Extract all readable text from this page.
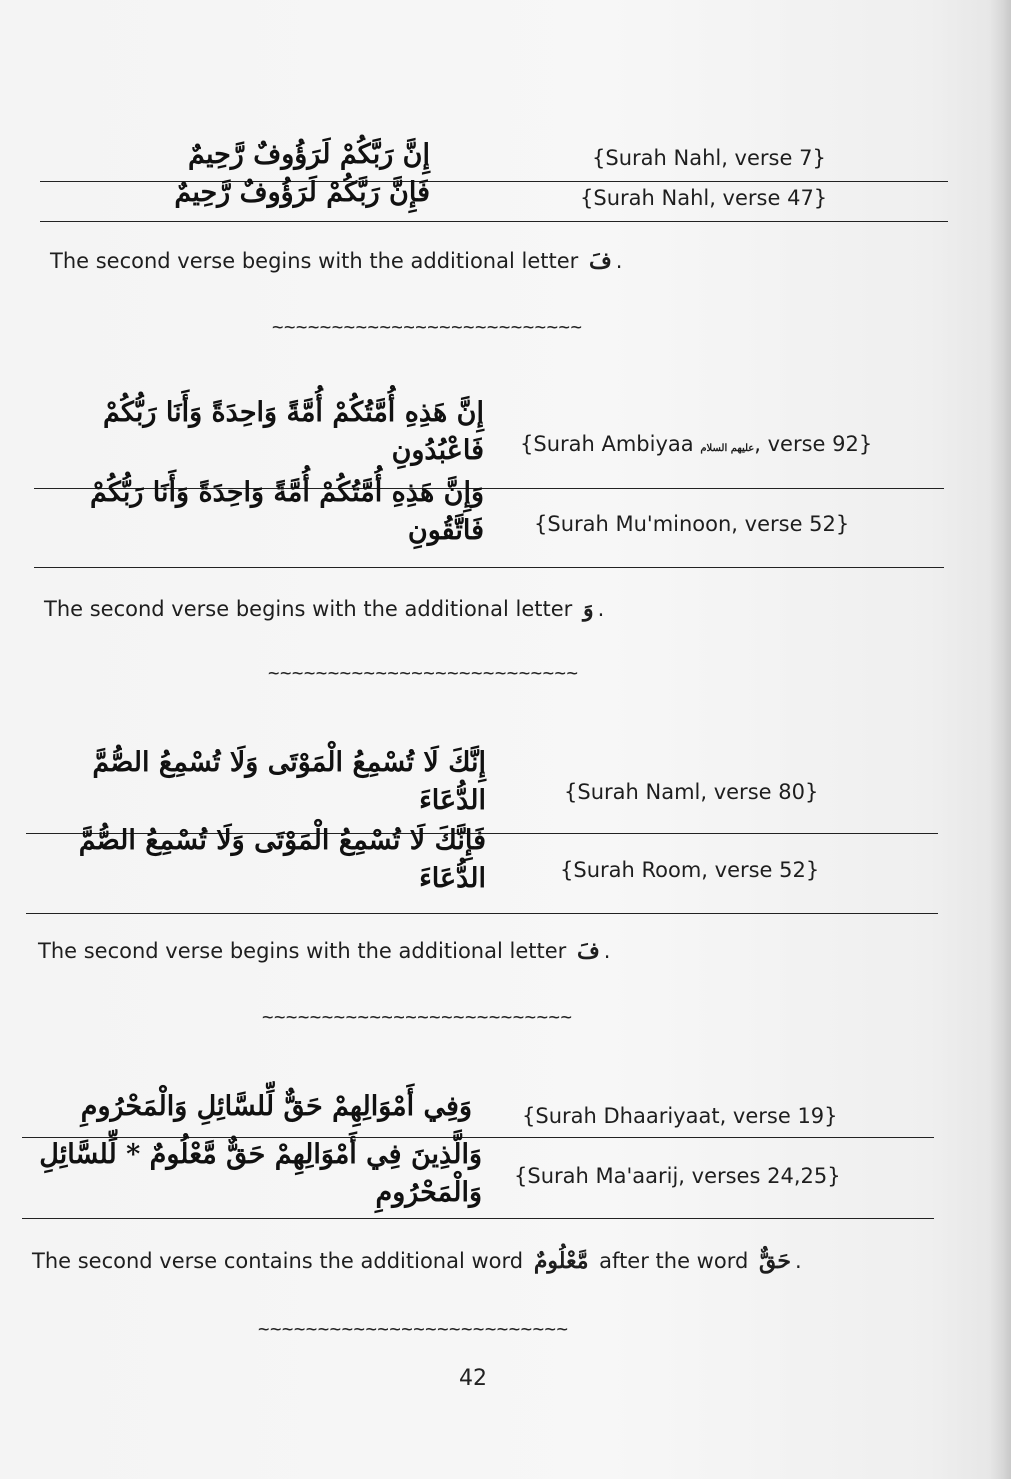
إِنَّ رَبَّكُمْ لَرَؤُوفٌ رَّحِيمٌ	{Surah Nahl, verse 7}
فَإِنَّ رَبَّكُمْ لَرَؤُوفٌ رَّحِيمٌ	{Surah Nahl, verse 47}
The second verse begins with the additional letter فَ .
~~~~~~~~~~~~~~~~~~~~~~~~~~
إِنَّ هَذِهِ أُمَّتُكُمْ أُمَّةً وَاحِدَةً وَأَنَا رَبُّكُمْ فَاعْبُدُونِ {Surah Ambiyaa عليهم السلام, verse 92}
وَإِنَّ هَذِهِ أُمَّتُكُمْ أُمَّةً وَاحِدَةً وَأَنَا رَبُّكُمْ فَاتَّقُونِ {Surah Mu'minoon, verse 52}
The second verse begins with the additional letter وَ .
~~~~~~~~~~~~~~~~~~~~~~~~~~
إِنَّكَ لَا تُسْمِعُ الْمَوْتَى وَلَا تُسْمِعُ الصُّمَّ الدُّعَاءَ	{Surah Naml, verse 80}
فَإِنَّكَ لَا تُسْمِعُ الْمَوْتَى وَلَا تُسْمِعُ الصُّمَّ الدُّعَاءَ	{Surah Room, verse 52}
The second verse begins with the additional letter فَ .
~~~~~~~~~~~~~~~~~~~~~~~~~~
وَفِي أَمْوَالِهِمْ حَقٌّ لِّلسَّائِلِ وَالْمَحْرُومِ {Surah Dhaariyaat, verse 19}
وَالَّذِينَ فِي أَمْوَالِهِمْ حَقٌّ مَّعْلُومٌ * لِّلسَّائِلِ وَالْمَحْرُومِ
{Surah Ma'aarij, verses 24,25}
The second verse contains the additional word مَّعْلُومٌ after the word حَقٌّ .
~~~~~~~~~~~~~~~~~~~~~~~~~~
42
